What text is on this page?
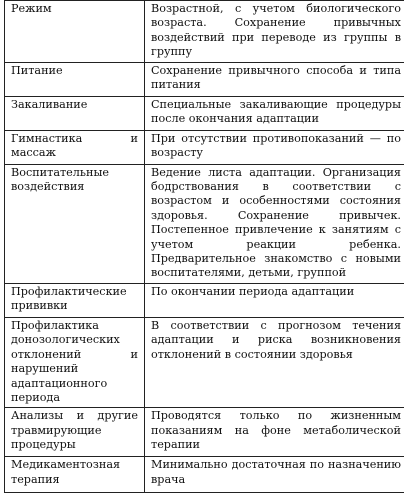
Режим	Возрастной, с учетом биологического возраста. Сохранение привычных воздействий при переводе из группы в группу

Питание	Сохранение привычного способа и типа питания

Закаливание	Специальные закаливающие процедуры после окончания адаптации

Гимнастика и массаж	При отсутствии противопоказаний — по возрасту

Воспитательные воздействия	Ведение листа адаптации. Организация бодрствования в соответствии с возрастом и особенностями состояния здоровья. Сохранение привычек. Постепенное привлечение к занятиям с учетом реакции ребенка. Предварительное знакомство с новыми воспитателями, детьми, группой

Профилактические прививки	По окончании периода адаптации

Профилактика донозологических отклонений и нарушений адаптационного периода	В соответствии с прогнозом течения адаптации и риска возникновения отклонений в состоянии здоровья

Анализы и другие травмирующие процедуры	Проводятся только по жизненным показаниям на фоне метаболической терапии

Медикаментозная терапия	Минимально достаточная по назначению врача
